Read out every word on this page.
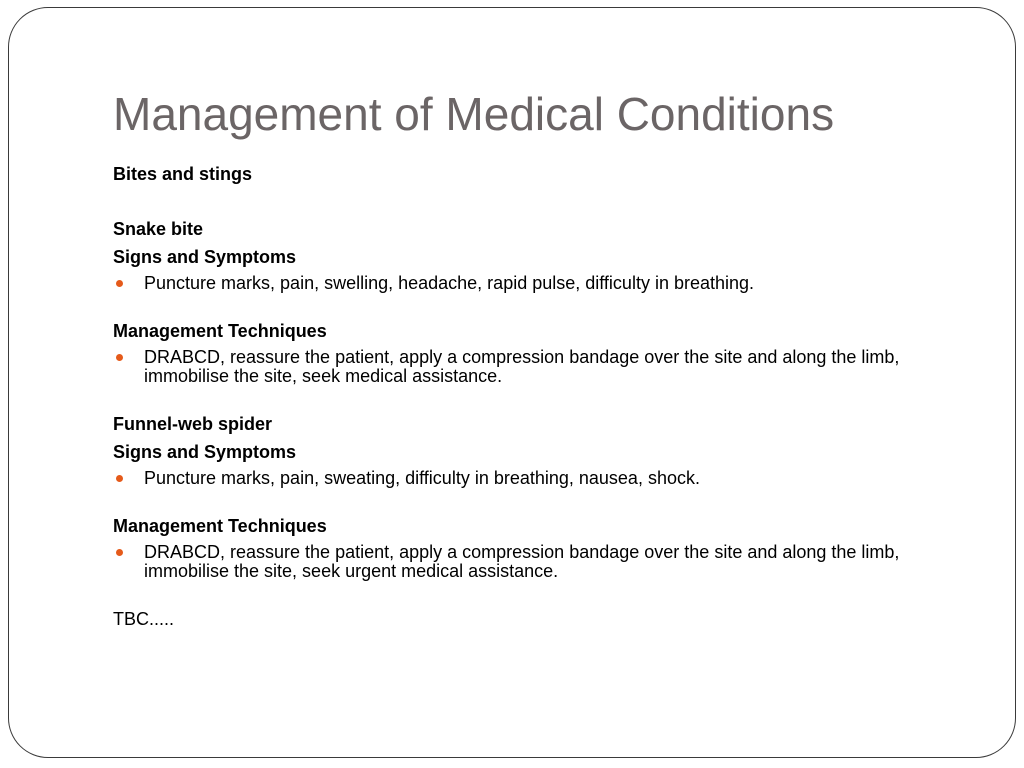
Management of Medical Conditions
Bites and stings
Snake bite
Signs and Symptoms
Puncture marks, pain, swelling, headache, rapid pulse, difficulty in breathing.
Management Techniques
DRABCD, reassure the patient, apply a compression bandage over the site and along the limb, immobilise the site, seek medical assistance.
Funnel-web spider
Signs and Symptoms
Puncture marks, pain, sweating, difficulty in breathing, nausea, shock.
Management Techniques
DRABCD, reassure the patient, apply a compression bandage over the site and along the limb, immobilise the site, seek urgent medical assistance.
TBC.....
